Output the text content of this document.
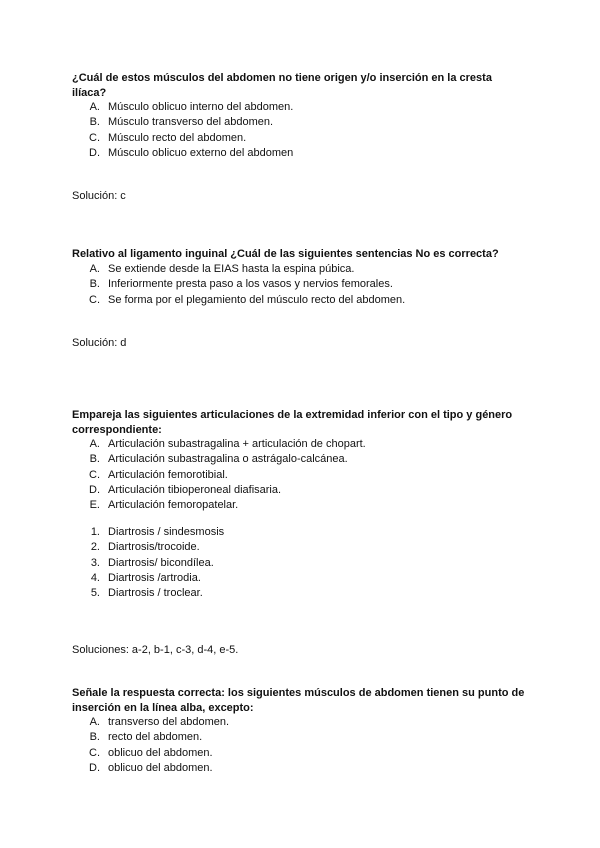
¿Cuál de estos músculos del abdomen no tiene origen y/o inserción en la cresta ilíaca?
A. Músculo oblicuo interno del abdomen.
B. Músculo transverso del abdomen.
C. Músculo recto del abdomen.
D. Músculo oblicuo externo del abdomen
Solución: c
Relativo al ligamento inguinal ¿Cuál de las siguientes sentencias No es correcta?
A. Se extiende desde la EIAS hasta la espina púbica.
B. Inferiormente presta paso a los vasos y nervios femorales.
C. Se forma por el plegamiento del músculo recto del abdomen.
Solución: d
Empareja las siguientes articulaciones de la extremidad inferior con el tipo y género correspondiente:
A. Articulación subastragalina + articulación de chopart.
B. Articulación subastragalina o astrágalo-calcánea.
C. Articulación femorotibial.
D. Articulación tibioperoneal diafisaria.
E. Articulación femoropatelar.
1. Diartrosis / sindesmosis
2. Diartrosis/trocoide.
3. Diartrosis/ bicondílea.
4. Diartrosis /artrodia.
5. Diartrosis / troclear.
Soluciones: a-2, b-1, c-3, d-4, e-5.
Señale la respuesta correcta: los siguientes músculos de abdomen tienen su punto de inserción en la línea alba, excepto:
A. transverso del abdomen.
B. recto del abdomen.
C. oblicuo del abdomen.
D. oblicuo del abdomen.
